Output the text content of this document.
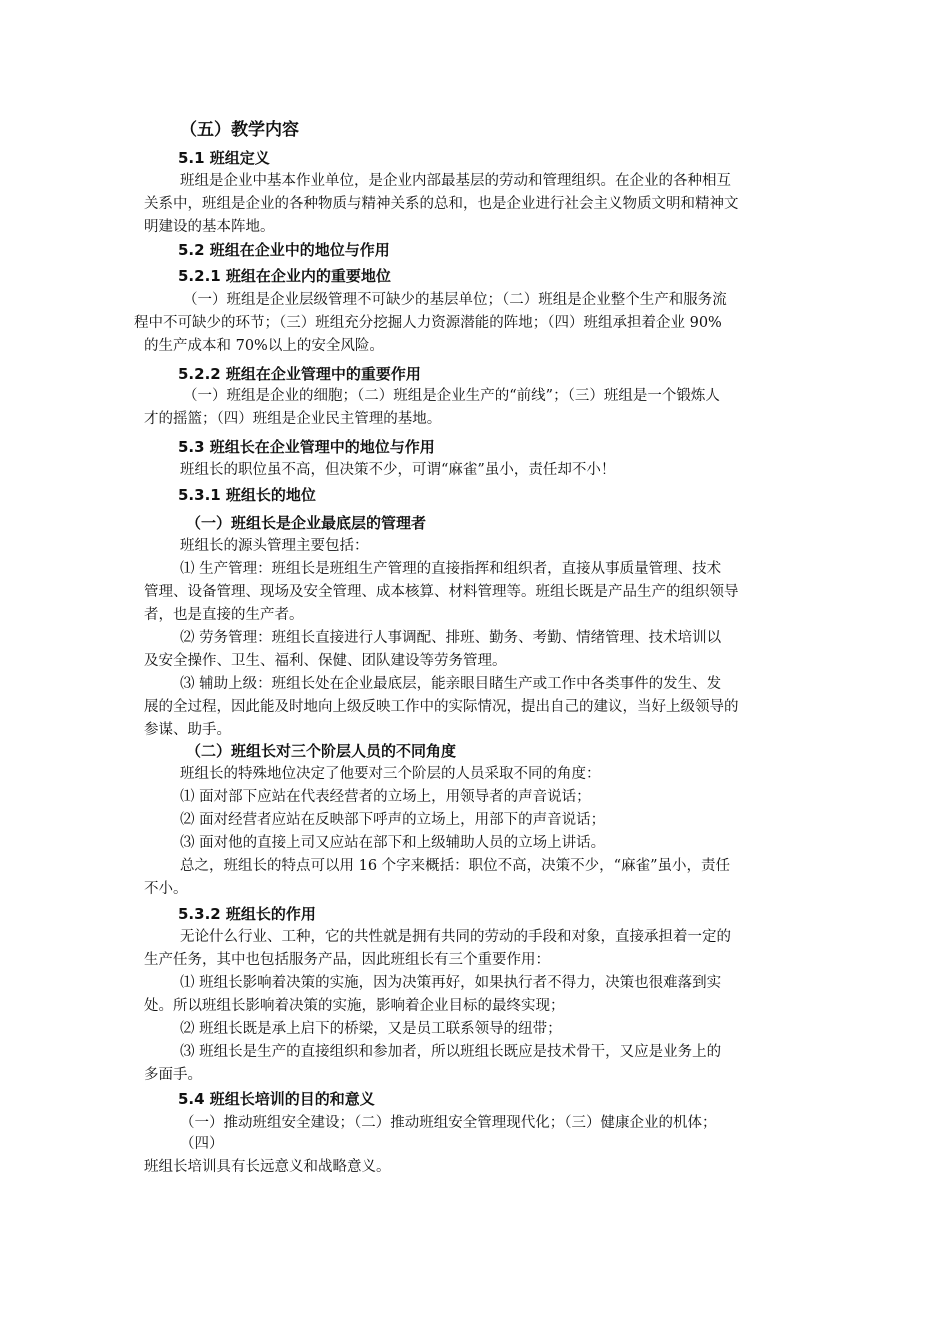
（五）教学内容
5.1 班组定义
班组是企业中基本作业单位，是企业内部最基层的劳动和管理组织。在企业的各种相互
关系中，班组是企业的各种物质与精神关系的总和，也是企业进行社会主义物质文明和精神文
明建设的基本阵地。
5.2 班组在企业中的地位与作用
5.2.1 班组在企业内的重要地位
（一）班组是企业层级管理不可缺少的基层单位；（二）班组是企业整个生产和服务流
程中不可缺少的环节；（三）班组充分挖掘人力资源潜能的阵地；（四）班组承担着企业 90%
的生产成本和 70%以上的安全风险。
5.2.2 班组在企业管理中的重要作用
（一）班组是企业的细胞；（二）班组是企业生产的“前线”；（三）班组是一个锻炼人
才的摇篮；（四）班组是企业民主管理的基地。
5.3 班组长在企业管理中的地位与作用
班组长的职位虽不高，但决策不少，可谓“麻雀”虽小，责任却不小！
5.3.1 班组长的地位
（一）班组长是企业最底层的管理者
班组长的源头管理主要包括：
⑴ 生产管理：班组长是班组生产管理的直接指挥和组织者，直接从事质量管理、技术
管理、设备管理、现场及安全管理、成本核算、材料管理等。班组长既是产品生产的组织领导
者，也是直接的生产者。
⑵ 劳务管理：班组长直接进行人事调配、排班、勤务、考勤、情绪管理、技术培训以
及安全操作、卫生、福利、保健、团队建设等劳务管理。
⑶ 辅助上级：班组长处在企业最底层，能亲眼目睹生产或工作中各类事件的发生、发
展的全过程，因此能及时地向上级反映工作中的实际情况，提出自己的建议，当好上级领导的
参谋、助手。
（二）班组长对三个阶层人员的不同角度
班组长的特殊地位决定了他要对三个阶层的人员采取不同的角度：
⑴ 面对部下应站在代表经营者的立场上，用领导者的声音说话；
⑵ 面对经营者应站在反映部下呼声的立场上，用部下的声音说话；
⑶ 面对他的直接上司又应站在部下和上级辅助人员的立场上讲话。
总之，班组长的特点可以用 16 个字来概括：职位不高，决策不少，“麻雀”虽小，责任
不小。
5.3.2 班组长的作用
无论什么行业、工种，它的共性就是拥有共同的劳动的手段和对象，直接承担着一定的
生产任务，其中也包括服务产品，因此班组长有三个重要作用：
⑴ 班组长影响着决策的实施，因为决策再好，如果执行者不得力，决策也很难落到实
处。所以班组长影响着决策的实施，影响着企业目标的最终实现；
⑵ 班组长既是承上启下的桥梁，又是员工联系领导的纽带；
⑶ 班组长是生产的直接组织和参加者，所以班组长既应是技术骨干，又应是业务上的
多面手。
5.4 班组长培训的目的和意义
（一）推动班组安全建设；（二）推动班组安全管理现代化；（三）健康企业的机体；
（四）
班组长培训具有长远意义和战略意义。
